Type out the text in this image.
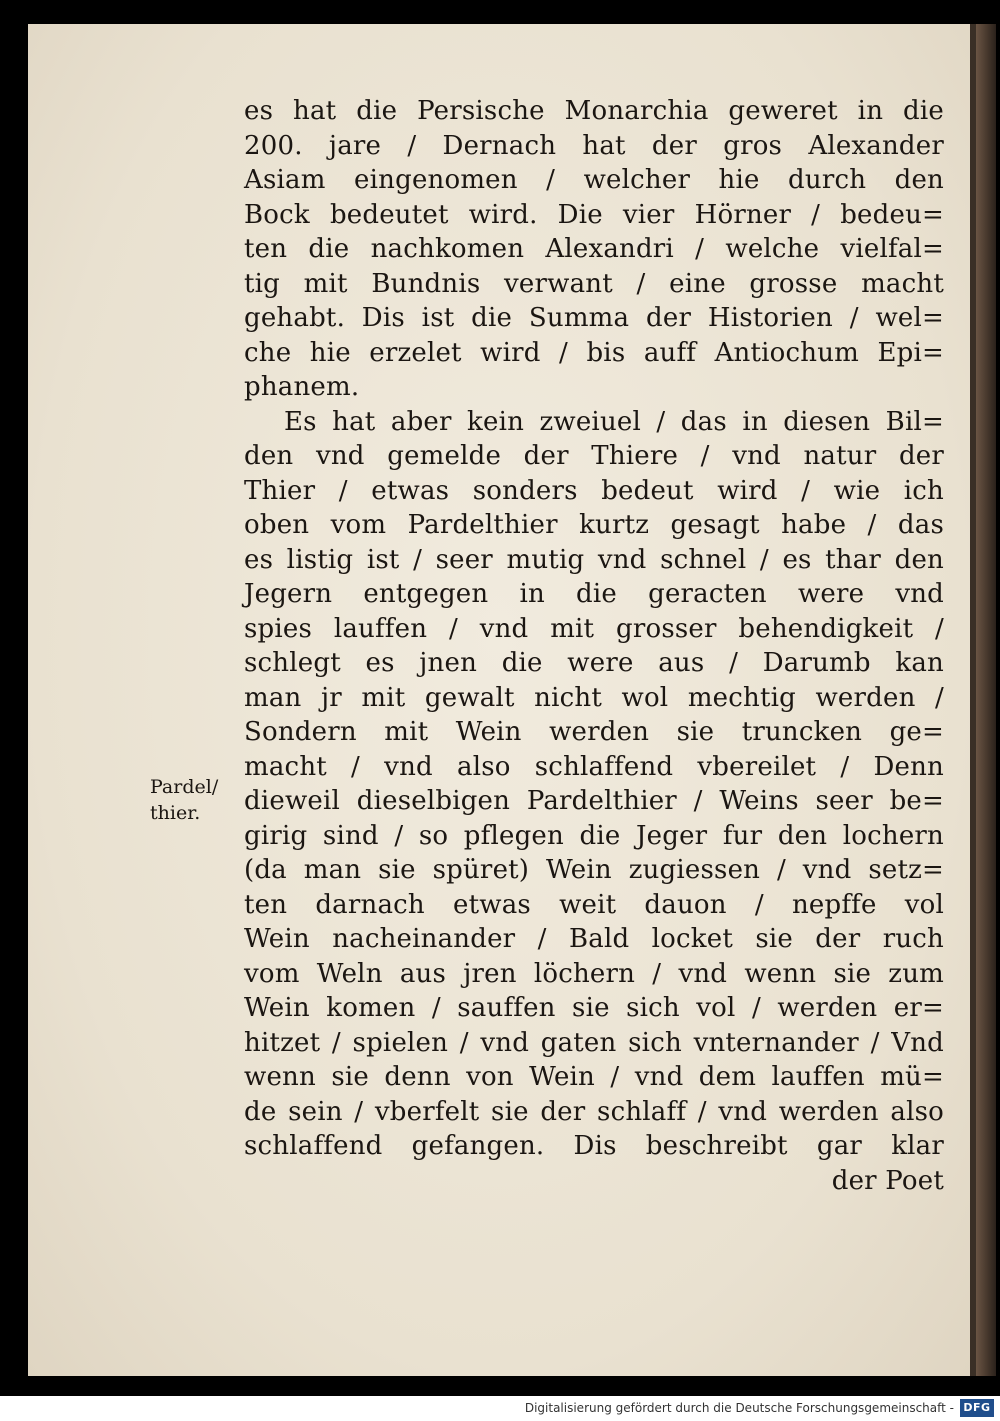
es hat die Persische Monarchia geweret in die
200. jare / Dernach hat der gros Alexander
Asiam eingenomen / welcher hie durch den
Bock bedeutet wird. Die vier Hörner / bedeu=
ten die nachkomen Alexandri / welche vielfal=
tig mit Bundnis verwant / eine grosse macht
gehabt. Dis ist die Summa der Historien / wel=
che hie erzelet wird / bis auff Antiochum Epi=
phanem.
Es hat aber kein zweiuel / das in diesen Bil=
den vnd gemelde der Thiere / vnd natur der
Thier / etwas sonders bedeut wird / wie ich
oben vom Pardelthier kurtz gesagt habe / das
es listig ist / seer mutig vnd schnel / es thar den
Jegern entgegen in die geracten were vnd
spies lauffen / vnd mit grosser behendigkeit /
schlegt es jnen die were aus / Darumb kan
man jr mit gewalt nicht wol mechtig werden /
Sondern mit Wein werden sie truncken ge=
macht / vnd also schlaffend vbereilet / Denn
dieweil dieselbigen Pardelthier / Weins seer be=
girig sind / so pflegen die Jeger fur den lochern
(da man sie spüret) Wein zugiessen / vnd setz=
ten darnach etwas weit dauon / nepffe vol
Wein nacheinander / Bald locket sie der ruch
vom Weln aus jren löchern / vnd wenn sie zum
Wein komen / sauffen sie sich vol / werden er=
hitzet / spielen / vnd gaten sich vnternander / Vnd
wenn sie denn von Wein / vnd dem lauffen mü=
de sein / vberfelt sie der schlaff / vnd werden also
schlaffend gefangen. Dis beschreibt gar klar
der Poet
Pardel/
thier.
Digitalisierung gefördert durch die Deutsche Forschungsgemeinschaft - DFG
